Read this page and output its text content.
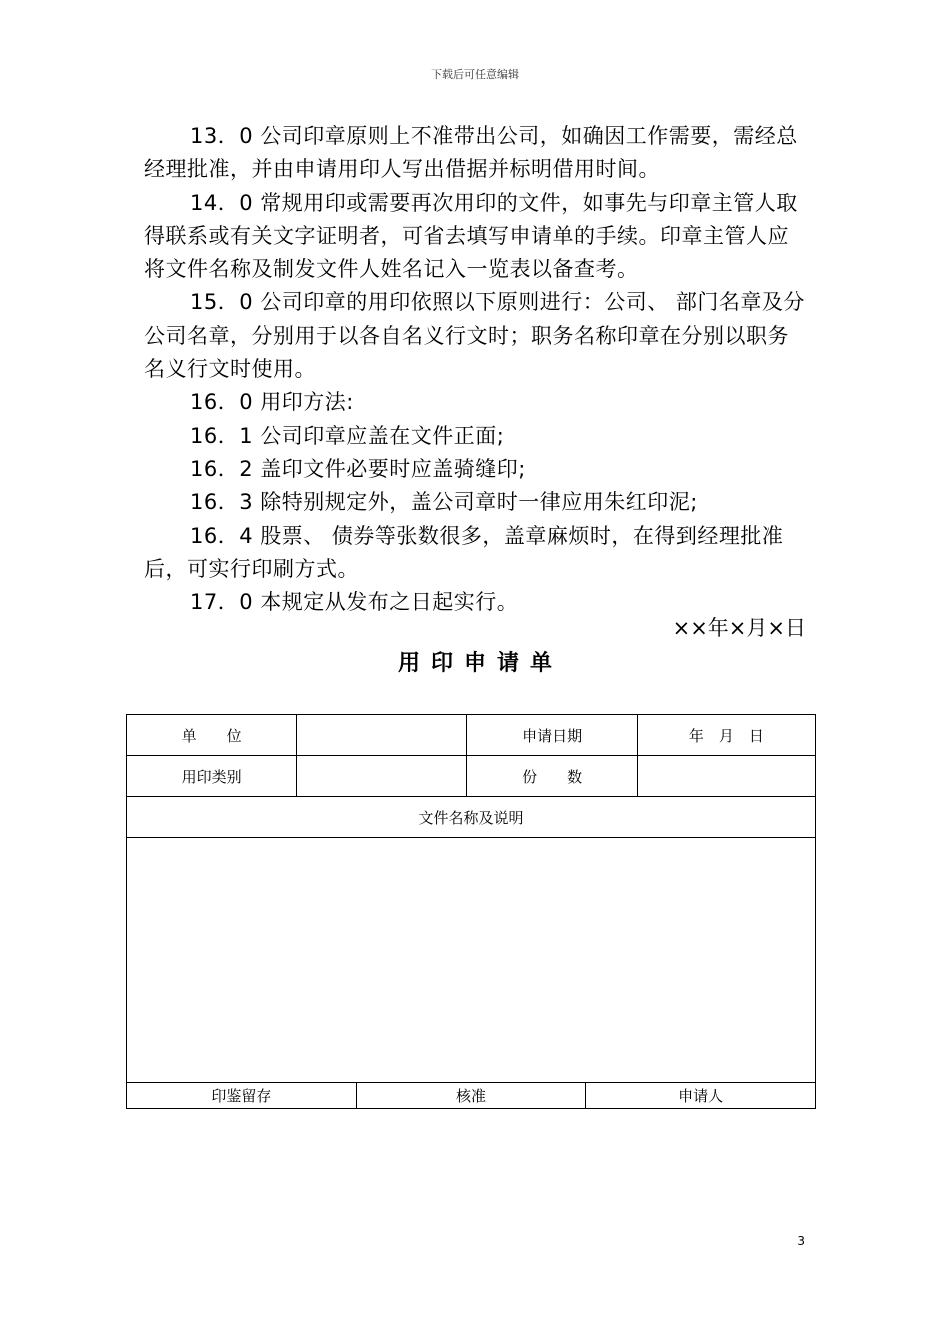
下载后可任意编辑

13．0 公司印章原则上不准带出公司，如确因工作需要，需经总经理批准，并由申请用印人写出借据并标明借用时间。

14．0 常规用印或需要再次用印的文件，如事先与印章主管人取得联系或有关文字证明者，可省去填写申请单的手续。印章主管人应将文件名称及制发文件人姓名记入一览表以备查考。

15．0 公司印章的用印依照以下原则进行：公司、 部门名章及分公司名章，分别用于以各自名义行文时；职务名称印章在分别以职务名义行文时使用。

16．0 用印方法:

16．1 公司印章应盖在文件正面;

16．2 盖印文件必要时应盖骑缝印;

16．3 除特别规定外，盖公司章时一律应用朱红印泥;

16．4 股票、 债券等张数很多，盖章麻烦时，在得到经理批准后，可实行印刷方式。

17．0 本规定从发布之日起实行。

××年×月×日
用印申请单
单　　位		申请日期	年　月　日
用印类别		份　　数	
文件名称及说明

印鉴留存	核准	申请人
3
